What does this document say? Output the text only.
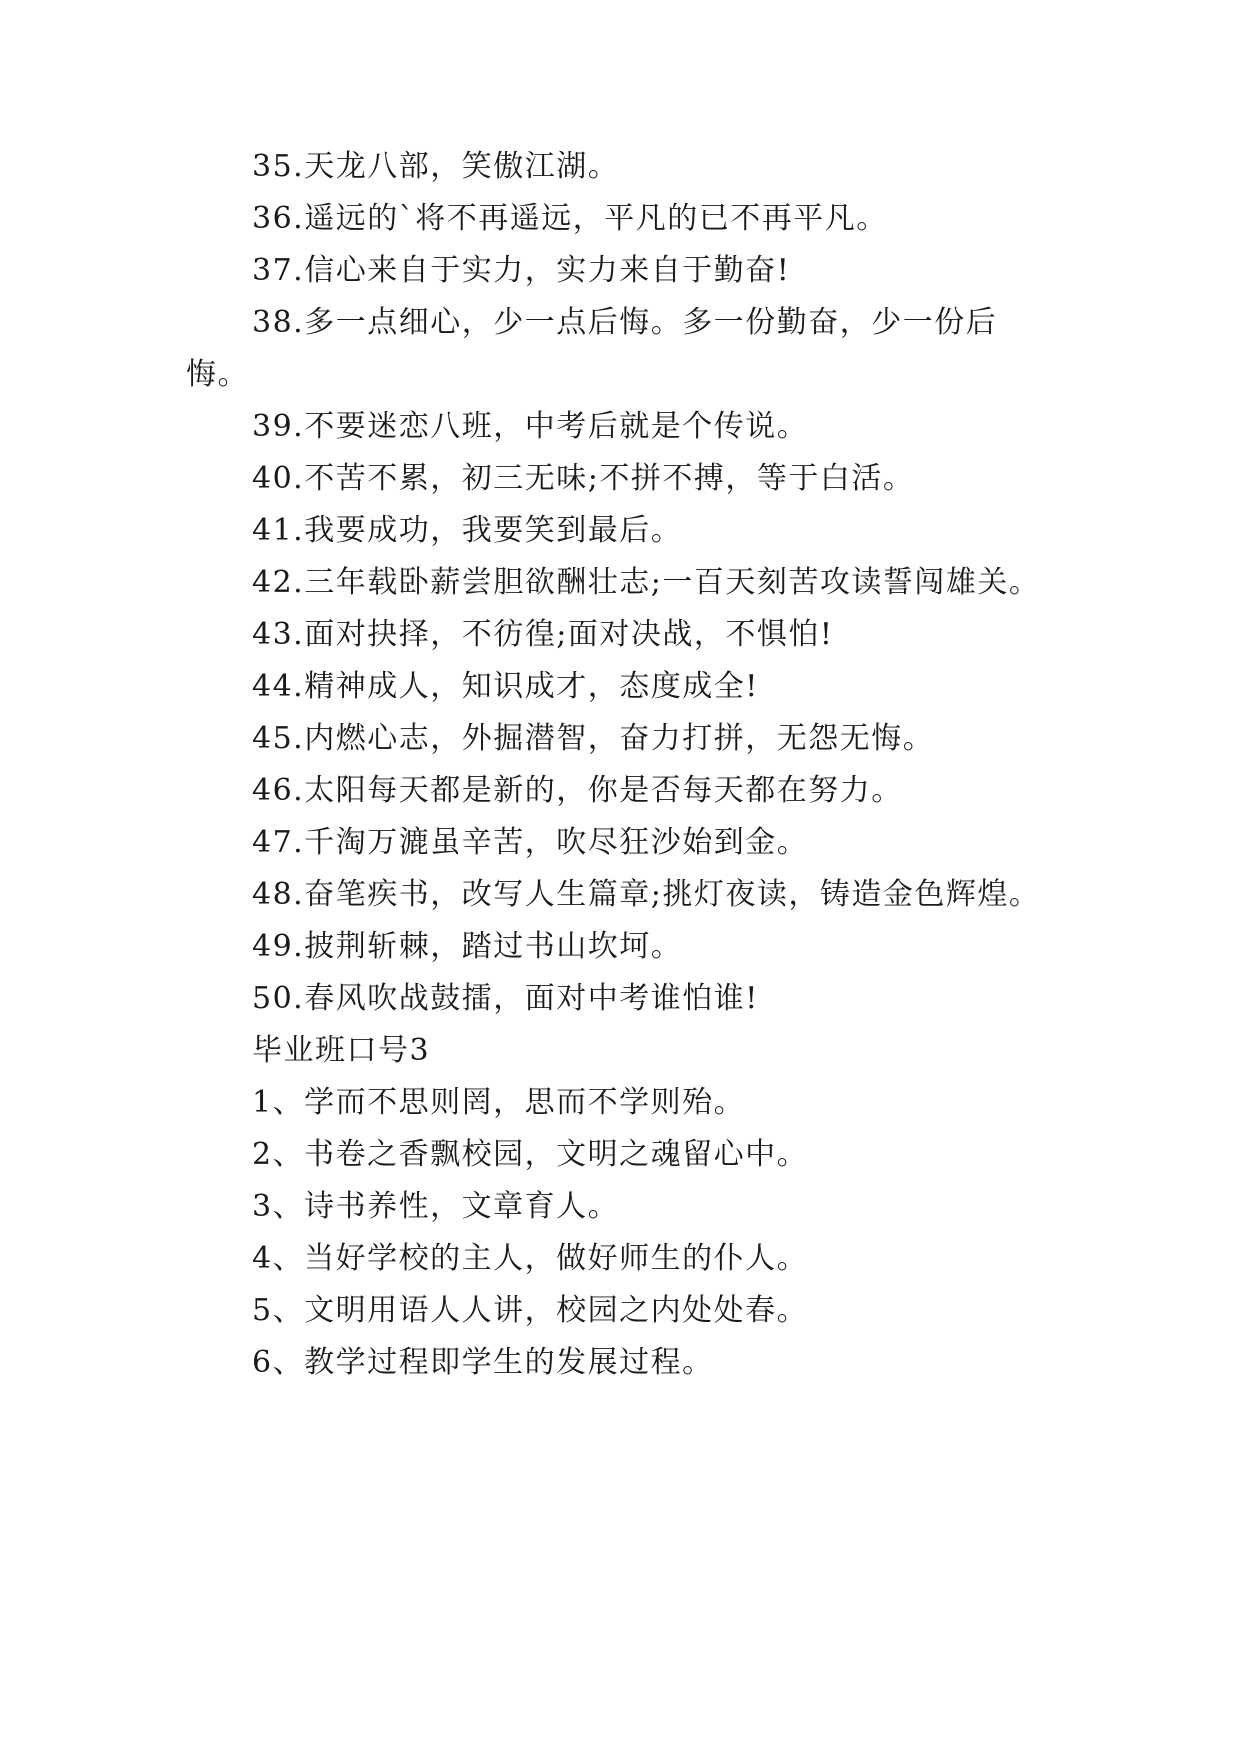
35.天龙八部，笑傲江湖。
36.遥远的`将不再遥远，平凡的已不再平凡。
37.信心来自于实力，实力来自于勤奋!
38.多一点细心，少一点后悔。多一份勤奋，少一份后
悔。
39.不要迷恋八班，中考后就是个传说。
40.不苦不累，初三无味;不拼不搏，等于白活。
41.我要成功，我要笑到最后。
42.三年载卧薪尝胆欲酬壮志;一百天刻苦攻读誓闯雄关。
43.面对抉择，不彷徨;面对决战，不惧怕!
44.精神成人，知识成才，态度成全!
45.内燃心志，外掘潜智，奋力打拼，无怨无悔。
46.太阳每天都是新的，你是否每天都在努力。
47.千淘万漉虽辛苦，吹尽狂沙始到金。
48.奋笔疾书，改写人生篇章;挑灯夜读，铸造金色辉煌。
49.披荆斩棘，踏过书山坎坷。
50.春风吹战鼓擂，面对中考谁怕谁!
毕业班口号3
1、学而不思则罔，思而不学则殆。
2、书卷之香飘校园，文明之魂留心中。
3、诗书养性，文章育人。
4、当好学校的主人，做好师生的仆人。
5、文明用语人人讲，校园之内处处春。
6、教学过程即学生的发展过程。
